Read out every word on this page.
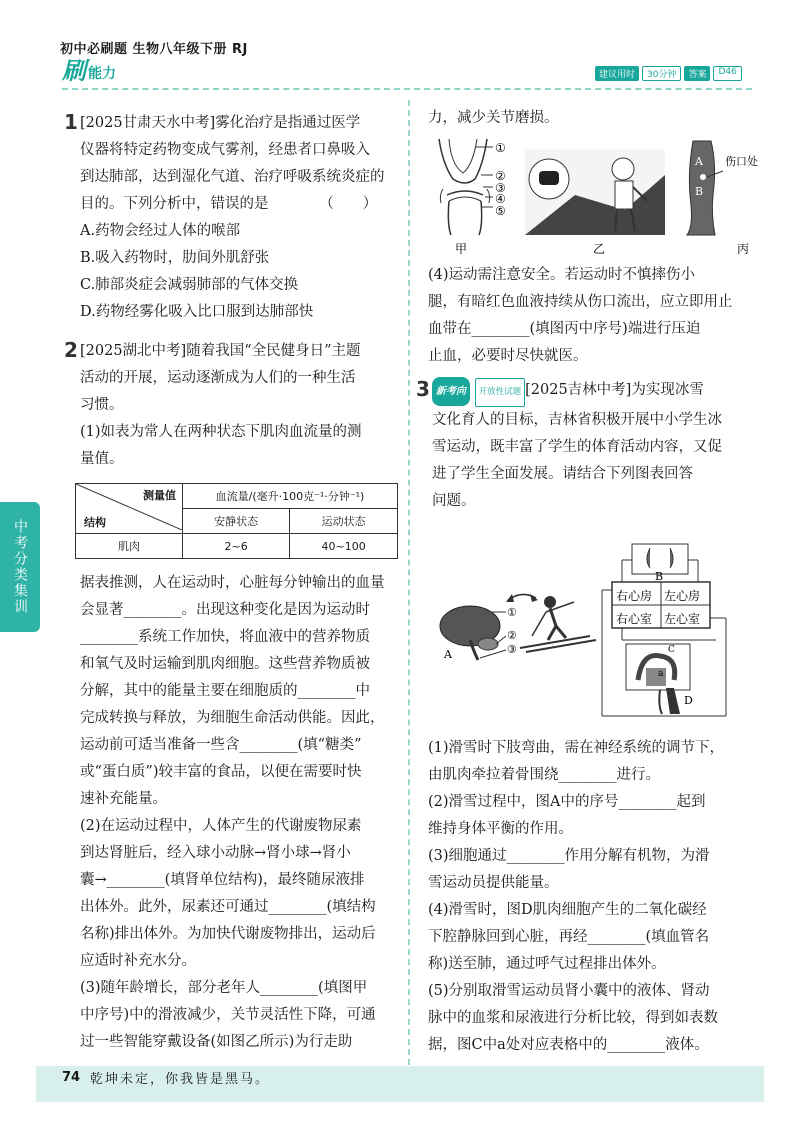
初中必刷题 生物八年级下册 RJ
刷 能力	建议用时	30分钟	答案	D46
中考分类集训
1 [2025甘肃天水中考]雾化治疗是指通过医学
仪器将特定药物变成气雾剂，经患者口鼻吸入
到达肺部，达到湿化气道、治疗呼吸系统炎症的
目的。下列分析中，错误的是　　　　（　　）
A.药物会经过人体的喉部
B.吸入药物时，肋间外肌舒张
C.肺部炎症会减弱肺部的气体交换
D.药物经雾化吸入比口服到达肺部快
2 [2025湖北中考]随着我国“全民健身日”主题
活动的开展，运动逐渐成为人们的一种生活
习惯。
(1)如表为常人在两种状态下肌肉血流量的测
量值。
测量值
结构	血流量/(毫升·100克⁻¹·分钟⁻¹)	
	安静状态	运动状态
肌肉	2~6	40~100
据表推测，人在运动时，心脏每分钟输出的血量
会显著________。出现这种变化是因为运动时
________系统工作加快，将血液中的营养物质
和氧气及时运输到肌肉细胞。这些营养物质被
分解，其中的能量主要在细胞质的________中
完成转换与释放，为细胞生命活动供能。因此，
运动前可适当准备一些含________(填“糖类”
或“蛋白质”)较丰富的食品，以便在需要时快
速补充能量。
(2)在运动过程中，人体产生的代谢废物尿素
到达肾脏后，经入球小动脉→肾小球→肾小
囊→________(填肾单位结构)，最终随尿液排
出体外。此外，尿素还可通过________(填结构
名称)排出体外。为加快代谢废物排出，运动后
应适时补充水分。
(3)随年龄增长，部分老年人________(填图甲
中序号)中的滑液减少，关节灵活性下降，可通
过一些智能穿戴设备(如图乙所示)为行走助
力，减少关节磨损。
①
②
③
④
⑤
甲	乙
A
B
伤口处
丙
(4)运动需注意安全。若运动时不慎摔伤小
腿，有暗红色血液持续从伤口流出，应立即用止
血带在________(填图丙中序号)端进行压迫
止血，必要时尽快就医。
3 新考向 开放性试题 [2025吉林中考]为实现冰雪
文化育人的目标，吉林省积极开展中小学生冰
雪运动，既丰富了学生的体育活动内容，又促
进了学生全面发展。请结合下列图表回答
问题。
①
②
③
A
B
右心房 左心房
右心室 左心室
C
a
D
(1)滑雪时下肢弯曲，需在神经系统的调节下，
由肌肉牵拉着骨围绕________进行。
(2)滑雪过程中，图A中的序号________起到
维持身体平衡的作用。
(3)细胞通过________作用分解有机物，为滑
雪运动员提供能量。
(4)滑雪时，图D肌肉细胞产生的二氧化碳经
下腔静脉回到心脏，再经________(填血管名
称)送至肺，通过呼气过程排出体外。
(5)分别取滑雪运动员肾小囊中的液体、肾动
脉中的血浆和尿液进行分析比较，得到如表数
据，图C中a处对应表格中的________液体。
74 乾坤未定，你我皆是黑马。
